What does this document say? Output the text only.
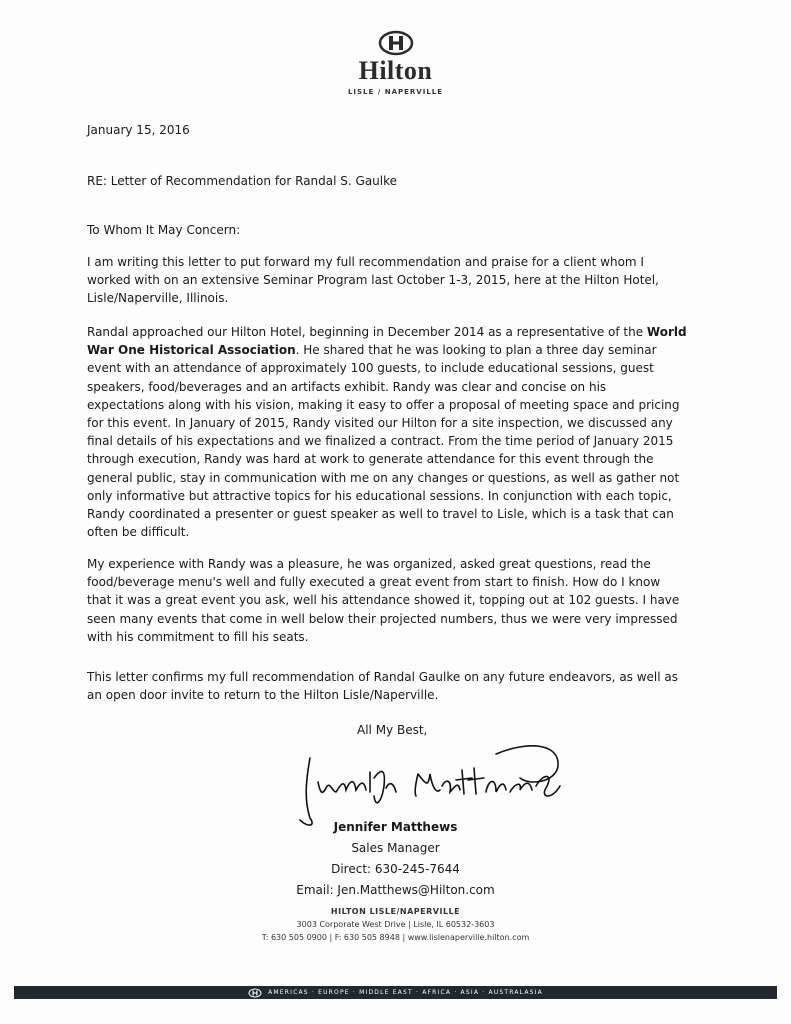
Hilton
LISLE / NAPERVILLE

January 15, 2016

RE: Letter of Recommendation for Randal S. Gaulke

To Whom It May Concern:

I am writing this letter to put forward my full recommendation and praise for a client whom I worked with on an extensive Seminar Program last October 1-3, 2015, here at the Hilton Hotel, Lisle/Naperville, Illinois.

Randal approached our Hilton Hotel, beginning in December 2014 as a representative of the World War One Historical Association. He shared that he was looking to plan a three day seminar event with an attendance of approximately 100 guests, to include educational sessions, guest speakers, food/beverages and an artifacts exhibit. Randy was clear and concise on his expectations along with his vision, making it easy to offer a proposal of meeting space and pricing for this event. In January of 2015, Randy visited our Hilton for a site inspection, we discussed any final details of his expectations and we finalized a contract. From the time period of January 2015 through execution, Randy was hard at work to generate attendance for this event through the general public, stay in communication with me on any changes or questions, as well as gather not only informative but attractive topics for his educational sessions. In conjunction with each topic, Randy coordinated a presenter or guest speaker as well to travel to Lisle, which is a task that can often be difficult.

My experience with Randy was a pleasure, he was organized, asked great questions, read the food/beverage menu's well and fully executed a great event from start to finish. How do I know that it was a great event you ask, well his attendance showed it, topping out at 102 guests. I have seen many events that come in well below their projected numbers, thus we were very impressed with his commitment to fill his seats.

This letter confirms my full recommendation of Randal Gaulke on any future endeavors, as well as an open door invite to return to the Hilton Lisle/Naperville.

All My Best,
Jennifer Matthews
Sales Manager
Direct: 630-245-7644
Email: Jen.Matthews@Hilton.com
HILTON LISLE/NAPERVILLE
3003 Corporate West Drive | Lisle, IL 60532-3603
T: 630 505 0900 | F: 630 505 8948 | www.lislenaperville.hilton.com
AMERICAS · EUROPE · MIDDLE EAST · AFRICA · ASIA · AUSTRALASIA
